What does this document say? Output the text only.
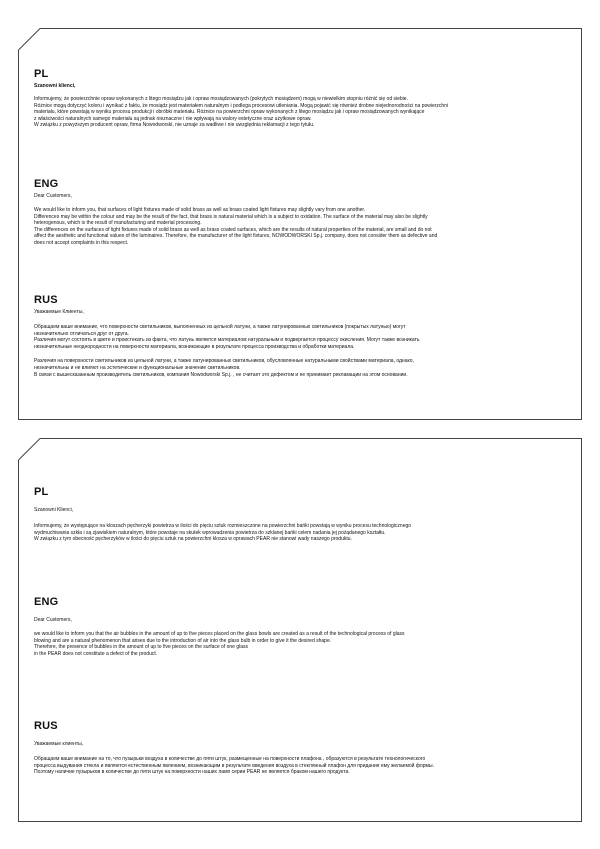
PL

Szanowni klienci,

Informujemy, że powierzchnie opraw wykonanych z litego mosiądzu jak i opraw mosiądzowanych (pokrytych mosiądzem) mogą w niewielkim stopniu różnić się od siebie.

Różnice mogą dotyczyć koloru i wynikać z faktu, że mosiądz jest materiałem naturalnym i podlega procesowi utleniania. Mogą pojawić się również drobne niejednorodności na powierzchni

materiału, które powstają w wyniku procesu produkcji i obróbki materiału. Różnice na powierzchni opraw wykonanych z litego mosiądzu jak i opraw mosiądzowanych wynikające

z właściwości naturalnych samego materiału są jednak nieznaczne i nie wpływają na walory estetyczne oraz użytkowe opraw.

W związku z powyższym producent opraw, firma Nowodworski, nie uznaje za wadliwe i nie uwzględnia reklamacji z tego tytułu.

ENG

Dear Customers,

We would like to inform you, that surfaces of light fixtures made of solid brass as well as brass coated light fixtures may slightly vary from one another.

Differences may be within the colour and may be the result of the fact, that brass is natural material which is a subject to oxidation. The surface of the material may also be slightly

heterogenous, which is the result of manufacturing and material processing.

The differences on the surfaces of light fixtures made of solid brass as well as brass coated surfaces, which are the results of natural properties of the material, are small and do not

affect the aesthetic and functional values of the luminaires. Therefore, the manufacturer of the light fixtures, NOWODWORSKI Sp.j. company, does not consider them as defective and

does not accept complaints in this respect.

RUS

Уважаемые Клиенты,

Обращаем ваше внимание, что поверхности светильников, выполненных из цельной латуни, а также латунированных светильников (покрытых латунью) могут

незначительно отличаться друг от друга.

Различия могут состоять в цвете и проистекать из факта, что латунь является материалом натуральным и подвергается процессу окисления. Могут также возникать

незначительные неоднородности на поверхности материала, возникающие в результате процесса производства и обработки материала.

Различия на поверхности светильников из цельной латуни, а также латунированных светильников, обусловленные натуральными свойствами материала, однако,

незначительны и не влияют на эстетические и функциональные значение светильников.

В связи с вышесказанным производитель светильников, компания Nowodworski Sp.j. , не считает это дефектом и не принимает рекламации на этом основании.

PL

Szanowni Klienci,

Informujemy, że występujące na kloszach pęcherzyki powietrza w ilości do pięciu sztuk rozmieszczone na powierzchni bańki powstają w wyniku procesu technologicznego

wydmuchiwania szkła i są zjawiskiem naturalnym, które powstaje na skutek wprowadzenia powietrza do szklanej bańki celem nadania jej pożądanego kształtu.

W związku z tym obecność pęcherzyków w ilości do pięciu sztuk na powierzchni klosza w oprawach PEAR nie stanowi wady naszego produktu.

ENG

Dear Customers,

we would like to inform you that the air bubbles in the amount of up to five pieces placed on the glass bowls are created as a result of the technological process of glass

blowing and are a natural phenomenon that arises due to the introduction of air into the glass bulb in order to give it the desired shape.

Therefore, the presence of bubbles in the amount of up to five pieces on the surface of one glass

in the PEAR does not constitute a defect of the product.

RUS

Уважаемые клиенты,

Обращаем ваше внимание на то, что пузырьки воздуха в количестве до пяти штук, размещенные на поверхности плафона , образуются в результате технологического

процесса выдувания стекла и являются естественным явлением, возникающим в результате введения воздуха в стеклянный плафон для придания ему желаемой формы.

Поэтому наличие пузырьков в количестве до пяти штук на поверхности наших ламп серии PEAR не является браком нашего продукта.
